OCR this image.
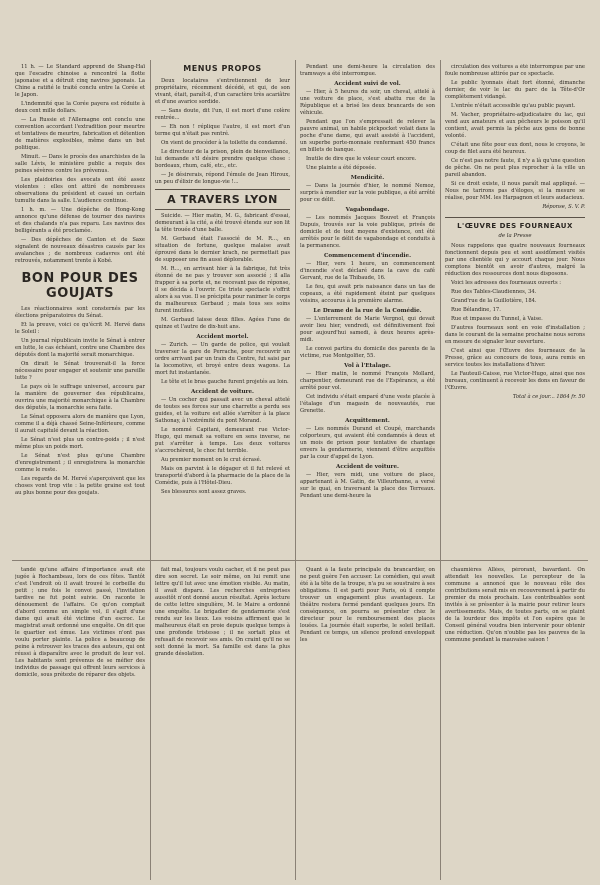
11 h. — Le Standard apprend de Shang-Haï que l'escadre chinoise a rencontré la flotte japonaise et a détruit cinq navires japonais. La Chine a ratifié le traité conclu entre la Corée et le Japon.

L'indemnité que la Corée payera est réduite à deux cent mille dollars.

— La Russie et l'Allemagne ont conclu une convention accordant l'extradition pour meurtre et tentatives de meurtre, fabrication et détention de matières explosibles, même dans un but politique.

Minuit. — Dans le procès des anarchistes de la salle Lévis, le ministère public a requis des peines sévères contre les prévenus.

Les plaidoiries des avocats ont été assez violentes : elles ont attiré de nombreuses observations du président et causé un certain tumulte dans la salle. L'audience continue.

1 h. m. — Une dépêche de Hong-Kong annonce qu'une défense de tourner des navires et des chalands n'a pas reparu. Les navires des belligérants a été proclamée.

— Des dépêches de Canton et de Saxe signalent de nouveaux désastres causés par les avalanches ; de nombreux cadavres ont été retrouvés, notamment trente à Kobé.

BON POUR DES GOUJATS

Les réactionnaires sont consternés par les élections préparatoires du Sénat.

Et la preuve, voici ce qu'écrit M. Hervé dans le Soleil :

Un journal républicain invite le Sénat à entrer en lutte, le cas échéant, contre une Chambre des députés dont la majorité serait monarchique.

On dirait le Sénat trouverait-il la force nécessaire pour engager et soutenir une pareille lutte ?

Le pays où le suffrage universel, accouru par la manière de gouverner des républicains, ouvrira une majorité monarchique à la Chambre des députés, la monarchie sera faite.

Le Sénat opposera alors de manière que Lyon, comme il a déjà chassé Seine-Inférieure, comme il aurait capitulé devant la réaction.

Le Sénat n'est plus un contre-poids ; il n'est même plus un poids mort.

Le Sénat n'est plus qu'une Chambre d'enregistrement ; il enregistrera la monarchie comme le reste.

Les regards de M. Hervé s'aperçoivent que les choses vont trop vite : la petite graine est tout au plus bonne pour des goujats.

MENUS PROPOS

Deux locataires s'entretiennent de leur propriétaire, récemment décédé, et qui, de son vivant, était, paraît-il, d'un caractère très acariâtre et d'une avarice sordide.

— Sans doute, dit l'un, il est mort d'une colère rentrée...

— Eh non ! réplique l'autre, il est mort d'un terme qui n'était pas rentré.

On vient de procéder à la toilette du condamné.

Le directeur de la prison, plein de bienveillance, lui demande s'il désire prendre quelque chose : bordeaux, rhum, café, etc., etc.

— Je désirerais, répond l'émule de Jean Hiroux, un peu d'élixir de longue-vie !...

A TRAVERS LYON

Suicide. — Hier matin, M. G., fabricant d'essai, demeurant à la cité, a été trouvé étendu sur son lit la tête trouée d'une balle.

M. Gerbaud était l'associé de M. R..., en situation de fortune, quelque malaise avait éprouvé dans le dernier krach, ne permettait pas de supposer une fin aussi déplorable.

M. R..., en arrivant hier à la fabrique, fut très étonné de ne pas y trouver son associé ; il alla frapper à sa porte et, ne recevant pas de réponse, il se décida à l'ouvrir. Ce triste spectacle s'offrit alors à sa vue. Il se précipita pour ranimer le corps du malheureux Gerbaud ; mais tous ses soins furent inutiles.

M. Gerbaud laisse deux filles. Agées l'une de quinze et l'autre de dix-huit ans.

Accident mortel.

— Zurich. — Un garde de police, qui voulait traverser la gare de Perrache, pour recouvrir un ordre arrivant par un train du Centre, fut saisi par la locomotive, et broyé entre deux wagons. La mort fut instantanée.

Le tête et le bras gauche furent projetés au loin.

Accident de voiture.

— Un cocher qui passait avec un cheval attelé de toutes ses forces sur une charrette a perdu ses guides, et la voiture est allée s'arrêter à la place Sathonay, à l'extrémité du pont Morand.

Le nommé Capitani, demeurant rue Victor-Hugo, qui menait sa voiture en sens inverse, ne put s'arrêter à temps. Les deux voitures s'accrochèrent, le choc fut terrible.

Au premier moment on le crut écrasé.

Mais on parvint à le dégager et il fut relevé et transporté d'abord à la pharmacie de la place de la Comédie, puis à l'Hôtel-Dieu.

Ses blessures sont assez graves.

Pendant une demi-heure la circulation des tramways a été interrompue.

Accident suivi de vol.

— Hier, à 5 heures du soir, un cheval, attelé à une voiture de place, s'est abattu rue de la République et a brisé les deux brancards de son véhicule.

Pendant que l'on s'empressait de relever la pauvre animal, un habile pickpocket volait dans la poche d'une dame, qui avait assisté à l'accident, un superbe porte-monnaie renfermant 450 francs en billets de banque.

Inutile de dire que le voleur court encore.

Une plainte a été déposée.

Mendicité.

— Dans la journée d'hier, le nommé Nemoz, surpris à mendier sur la voie publique, a été arrêté pour ce délit.

Vagabondage.

— Les nommés Jacques Bouvet et François Dupuis, trouvés sur la voie publique, privés de domicile et de tout moyens d'existence, ont été arrêtés pour le délit de vagabondage et conduits à la permanence.

Commencement d'incendie.

— Hier, vers 1 heure, un commencement d'incendie s'est déclaré dans la cave du café Gervant, rue de la Thibaude, 16.

Le feu, qui avait pris naissance dans un tas de copeaux, a été rapidement éteint par quelques voisins, accourus à la première alarme.

Le Drame de la rue de la Comédie.

— L'enterrement de Marie Vergnol, qui devait avoir lieu hier, vendredi, est définitivement fixé pour aujourd'hui samedi, à deux heures après-midi.

Le convoi partira du domicile des parents de la victime, rue Montgolfier, 55.

Vol à l'Etalage.

— Hier matin, le nommé François Mollard, charpentier, demeurant rue de l'Espérance, a été arrêté pour vol.

Cet individu s'était emparé d'une veste placée à l'étalage d'un magasin de nouveautés, rue Grenette.

Acquittement.

— Les nommés Durand et Coupé, marchands colporteurs, qui avaient été condamnés à deux et un mois de prison pour tentative de chantage envers la gendarmerie, viennent d'être acquittés par la cour d'appel de Lyon.

Accident de voiture.

— Hier, vers midi, une voiture de place, appartenant à M. Gatin, de Villeurbanne, a versé sur le quai, en traversant la place des Terreaux. Pendant une demi-heure la

circulation des voitures a été interrompue par une foule nombreuse attirée par ce spectacle.

Le public lyonnais était fort étonné, dimanche dernier, de voir le lac du parc de la Tête-d'Or complètement vidangé.

L'entrée n'était accessible qu'au public payant.

M. Vacher, propriétaire-adjudicataire du lac, qui vend aux amateurs et aux pêcheurs le poisson qu'il contient, avait permis la pêche aux gens de bonne volonté.

C'était une fête pour eux dont, nous le croyons, le coup de filet aura été heureux.

Ce n'est pas notre faute, il n'y a là qu'une question de pêche. On ne peut plus reprocher à la ville un pareil abandon.

Si ce droit existe, il nous paraît mal appliqué. — Nous ne tarirons pas d'éloges, si la mesure se réalise, pour MM. les Harpagnon et leurs audacieux.

Réponse, S. V. P.
L'ŒUVRE DES FOURNEAUX
de la Presse

Nous rappelons que quatre nouveaux fourneaux fonctionnent depuis peu et sont assidûment visités par une clientèle qui y accourt chaque jour. Nous comptons bientôt en avoir d'autres, malgré la réduction des ressources dont nous disposons.

Voici les adresses des fourneaux ouverts :

Rue des Tables-Claudiennes, 34.

Grand'rue de la Guillotière, 184.

Rue Bélandine, 17.

Rue et impasse du Tunnel, à Vaise.

D'autres fourneaux sont en voie d'installation ; dans le courant de la semaine prochaine nous serons en mesure de signaler leur ouverture.

C'est ainsi que l'Œuvre des fourneaux de la Presse, grâce au concours de tous, aura remis en service toutes les installations d'hiver.

Le Fauteuil-Caisse, rue Victor-Hugo, ainsi que nos bureaux, continuent à recevoir les dons en faveur de l'Œuvre.

Total à ce jour... 1864 fr. 50

tandé qu'une affaire d'importance avait été jugée à Rochambeau, lors de ces fêtes. Tantôt c'est l'endroit où il avait trouvé le corbeille du petit ; une fois le convoi passé, l'invitation tardive ne fut point suivie. On raconte le dénouement de l'affaire. Ce qu'on comptait d'abord comme un simple vol, il s'agit d'une dame qui avait été victime d'un escroc. Le magistrat avait ordonné une enquête. On dit que le quartier est émue. Les victimes n'ont pas voulu porter plainte. La police a beaucoup de peine à retrouver les traces des auteurs, qui ont réussi à disparaître avec le produit de leur vol. Les habitants sont prévenus de se méfier des individus de passage qui offrent leurs services à domicile, sous prétexte de réparer des objets.

fait mal, toujours voulu cacher, et il ne peut pas dire son secret. Le soir même, on lui remit une lettre qu'il lut avec une émotion visible. Au matin, il avait disparu. Les recherches entreprises aussitôt n'ont donné aucun résultat. Après lecture de cette lettre singulière, M. le Maire a ordonné une enquête. Le brigadier de gendarmerie s'est rendu sur les lieux. Les voisins affirment que le malheureux était en proie depuis quelque temps à une profonde tristesse ; il ne sortait plus et refusait de recevoir ses amis. On craint qu'il ne se soit donné la mort. Sa famille est dans la plus grande désolation.

Quant à la faute principale du brancardier, on ne peut guère l'en accuser. Le comédien, qui avait été à la tête de la troupe, n'a pu se soustraire à ses obligations. Il est parti pour Paris, où il compte trouver un engagement plus avantageux. Le théâtre restera fermé pendant quelques jours. En conséquence, on pourra se présenter chez le directeur pour le remboursement des places louées. La journée était superbe, le soleil brillait. Pendant ce temps, un silence profond enveloppait les

chaumières Allées, pérorant, bavardant. On attendait les nouvelles. Le percepteur de la commune a annoncé que le nouveau rôle des contributions serait mis en recouvrement à partir du premier du mois prochain. Les contribuables sont invités à se présenter à la mairie pour retirer leurs avertissements. Mais, de toutes parts, on se plaint de la lourdeur des impôts et l'on espère que le Conseil général voudra bien intervenir pour obtenir une réduction. Qu'on n'oublie pas les pauvres de la commune pendant la mauvaise saison !
